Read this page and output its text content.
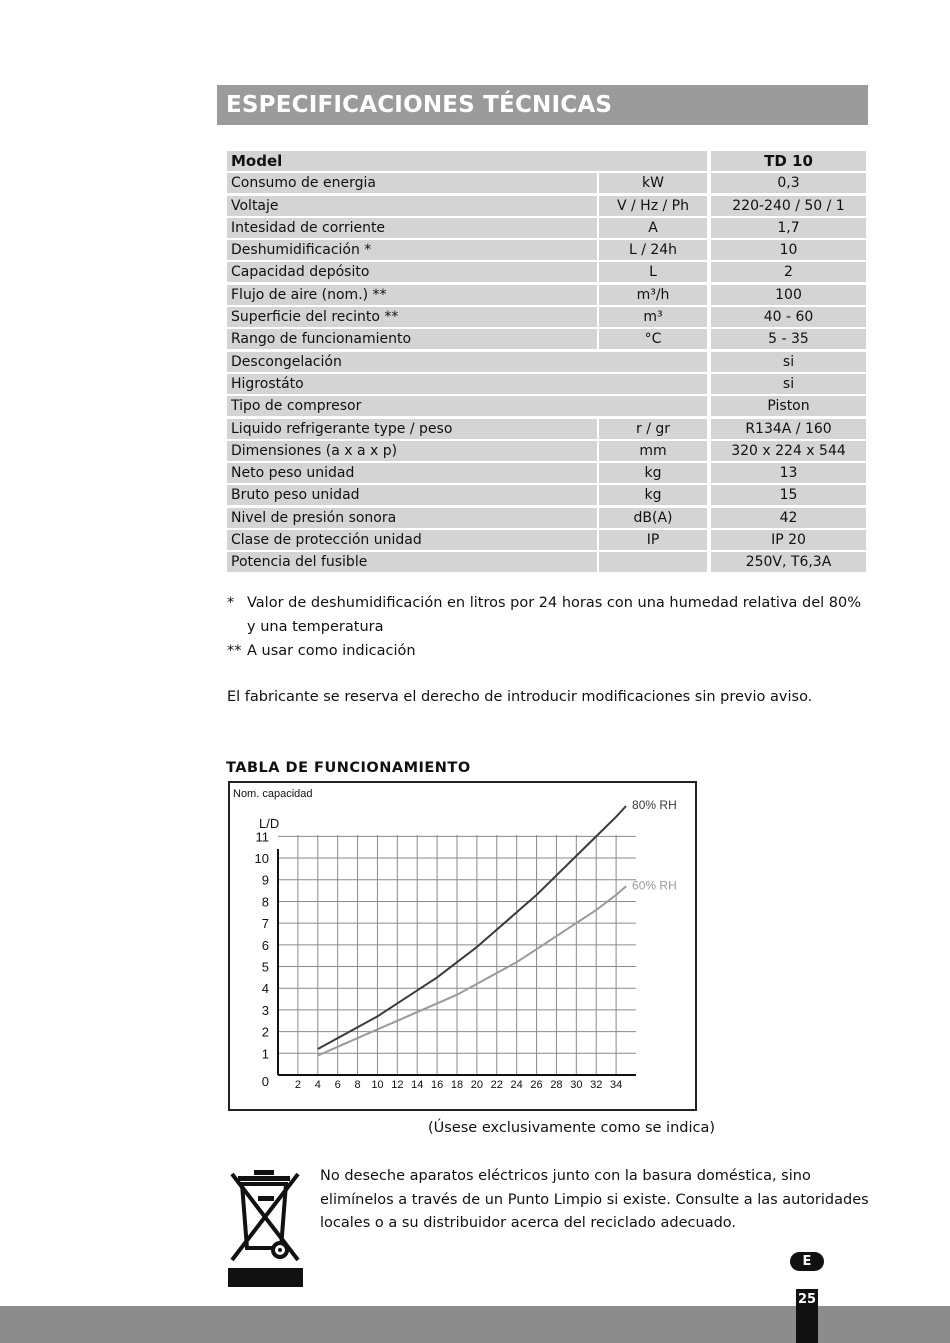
ESPECIFICACIONES TÉCNICAS
Model	TD 10
Consumo de energia	kW	0,3
Voltaje	V / Hz / Ph	220-240 / 50 / 1
Intesidad de corriente	A	1,7
Deshumidificación *	L / 24h	10
Capacidad depósito	L	2
Flujo de aire (nom.) **	m³/h	100
Superficie del recinto **	m³	40 - 60
Rango de funcionamiento	°C	5 - 35
Descongelación	si
Higrostáto	si
Tipo de compresor	Piston
Liquido refrigerante type / peso	r / gr	R134A / 160
Dimensiones (a x a x p)	mm	320 x 224 x 544
Neto peso unidad	kg	13
Bruto peso unidad	kg	15
Nivel de presión sonora	dB(A)	42
Clase de protección unidad	IP	IP 20
Potencia del fusible	250V, T6,3A
* Valor de deshumidificación en litros por 24 horas con una humedad relativa del 80% y una temperatura
** A usar como indicación
El fabricante se reserva el derecho de introducir modificaciones sin previo aviso.
TABLA DE FUNCIONAMIENTO
Nom. capacidad
L/D
1
2
3
4
5
6
7
8
9
10
11
0 2 4 6 8 10 12 14 16 18 20 22 24 26 28 30 32 34
80% RH
60% RH
(Úsese exclusivamente como se indica)
No deseche aparatos eléctricos junto con la basura doméstica, sino elimínelos a través de un Punto Limpio si existe. Consulte a las autoridades locales o a su distribuidor acerca del reciclado adecuado.
E
25
